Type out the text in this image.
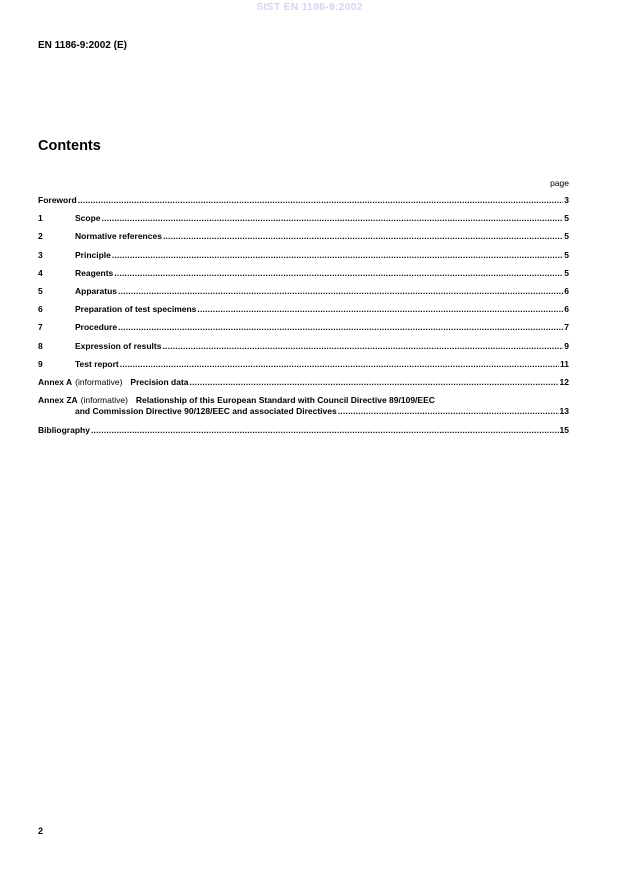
SIST EN 1186-9:2002
EN 1186-9:2002 (E)
Contents
page
Foreword .....	3
1	Scope .....	5
2	Normative references .....	5
3	Principle .....	5
4	Reagents .....	5
5	Apparatus .....	6
6	Preparation of test specimens .....	6
7	Procedure .....	7
8	Expression of results .....	9
9	Test report .....	11
Annex A (informative) Precision data .....	12
Annex ZA (informative) Relationship of this European Standard with Council Directive 89/109/EEC
and Commission Directive 90/128/EEC and associated Directives .....	13
Bibliography .....	15
2
